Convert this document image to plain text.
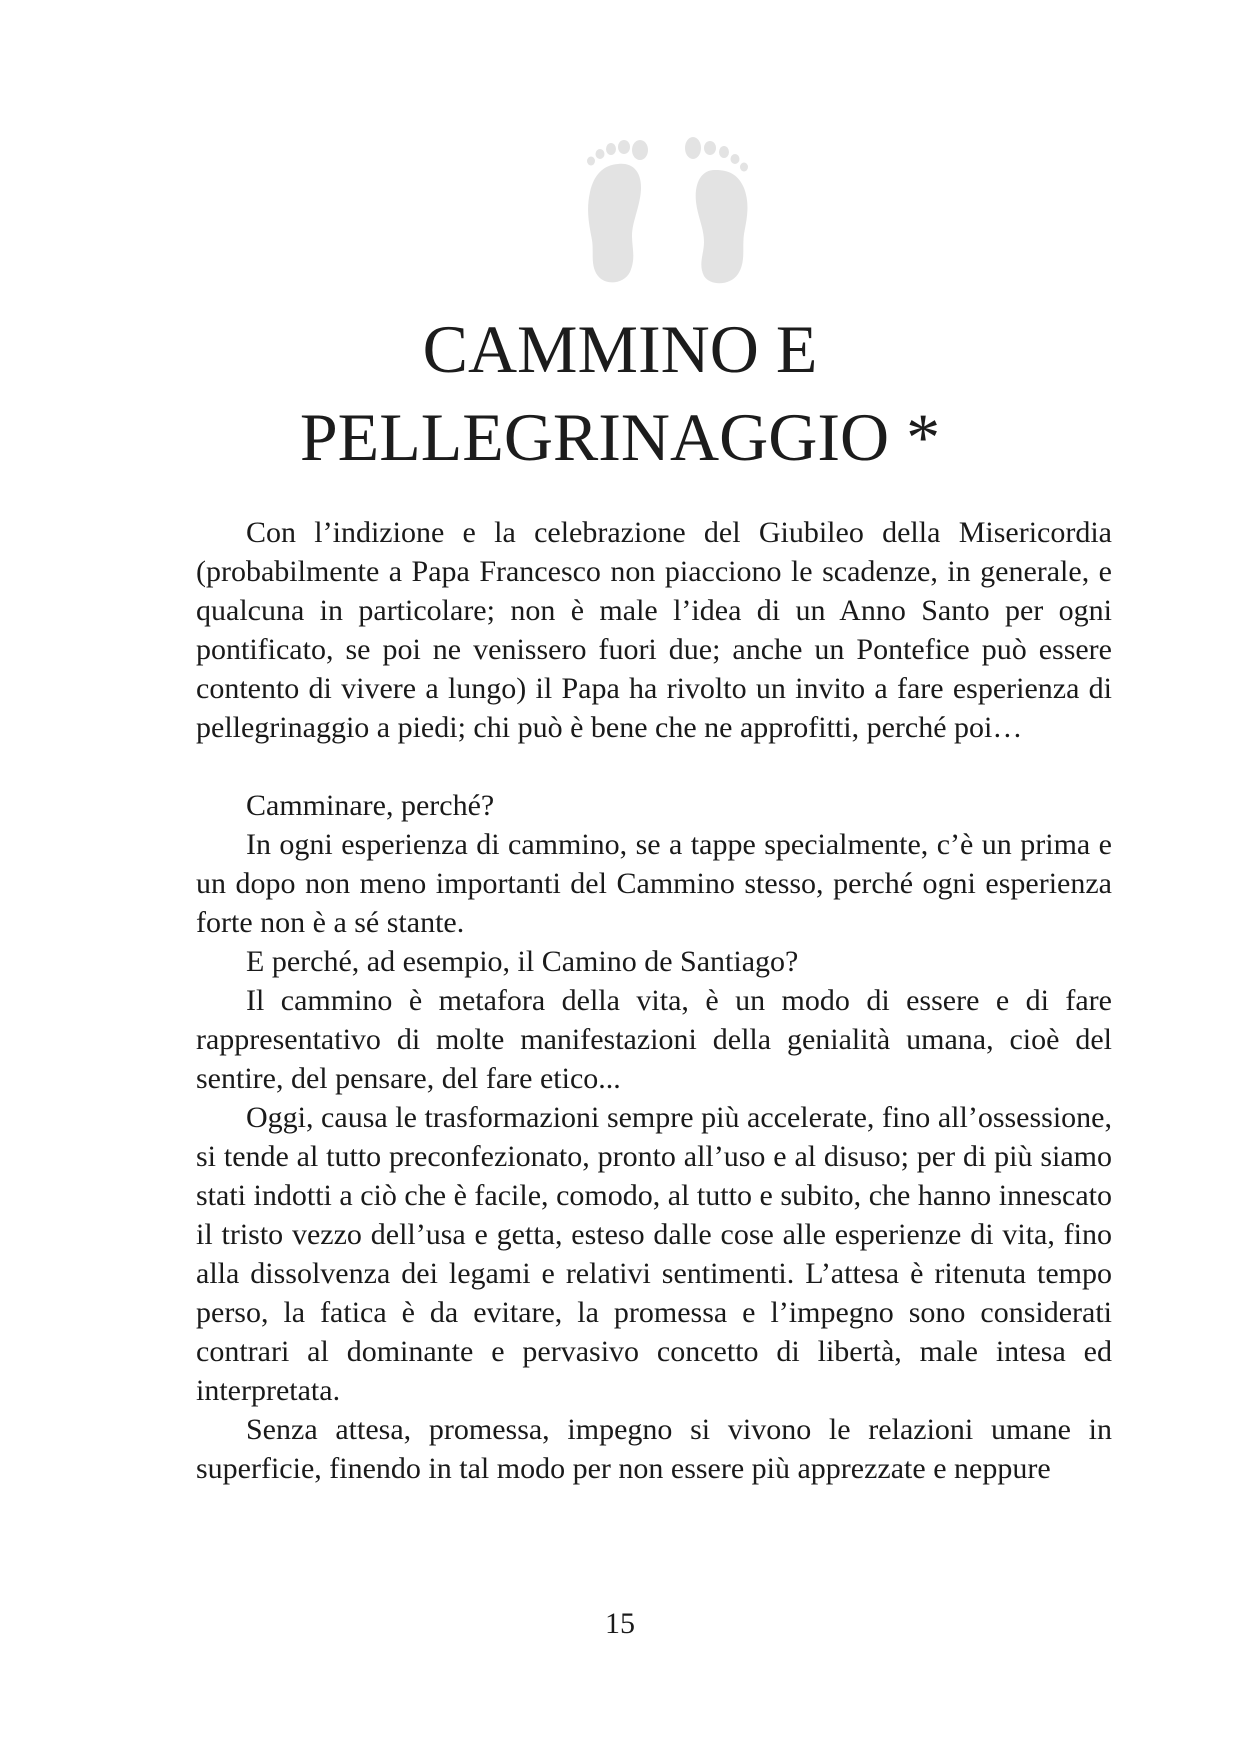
CAMMINO E
PELLEGRINAGGIO *

Con l’indizione e la celebrazione del Giubileo della Misericordia (probabilmente a Papa Francesco non piacciono le scadenze, in generale, e qualcuna in particolare; non è male l’idea di un Anno Santo per ogni pontificato, se poi ne venissero fuori due; anche un Pontefice può essere contento di vivere a lungo) il Papa ha rivolto un invito a fare esperienza di pellegrinaggio a piedi; chi può è bene che ne approfitti, perché poi…

Camminare, perché?

In ogni esperienza di cammino, se a tappe specialmente, c’è un prima e un dopo non meno importanti del Cammino stesso, perché ogni esperienza forte non è a sé stante.

E perché, ad esempio, il Camino de Santiago?

Il cammino è metafora della vita, è un modo di essere e di fare rappresentativo di molte manifestazioni della genialità umana, cioè del sentire, del pensare, del fare etico...

Oggi, causa le trasformazioni sempre più accelerate, fino all’ossessione, si tende al tutto preconfezionato, pronto all’uso e al disuso; per di più siamo stati indotti a ciò che è facile, comodo, al tutto e subito, che hanno innescato il tristo vezzo dell’usa e getta, esteso dalle cose alle esperienze di vita, fino alla dissolvenza dei legami e relativi sentimenti. L’attesa è ritenuta tempo perso, la fatica è da evitare, la promessa e l’impegno sono considerati contrari al dominante e pervasivo concetto di libertà, male intesa ed interpretata.

Senza attesa, promessa, impegno si vivono le relazioni umane in superficie, finendo in tal modo per non essere più apprezzate e neppure

15
